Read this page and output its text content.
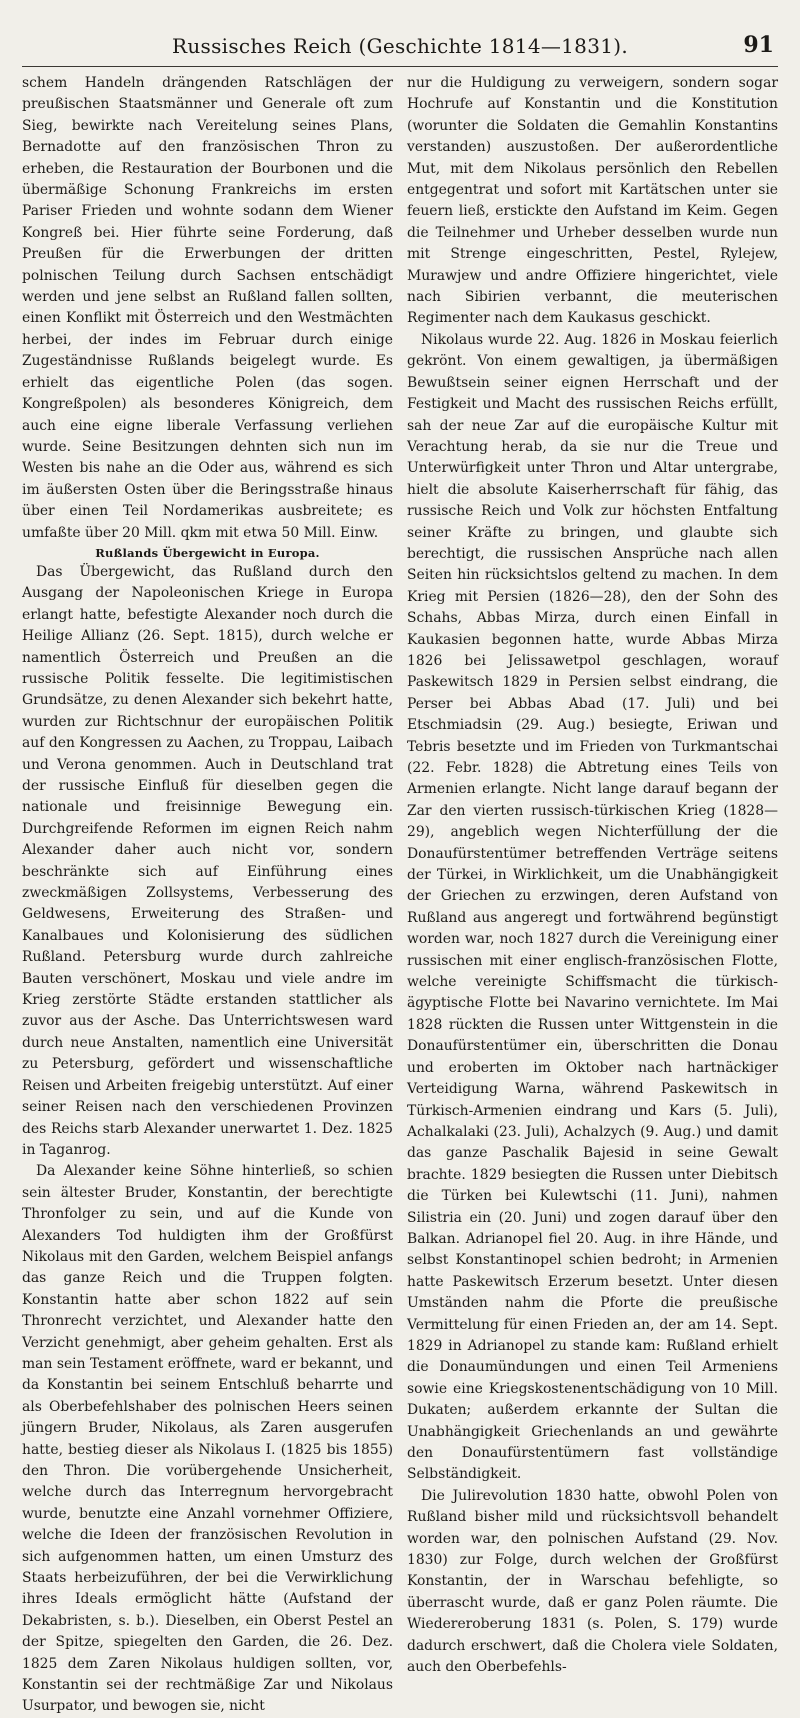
Russisches Reich (Geschichte 1814—1831).	91

schem Handeln drängenden Ratschlägen der preußischen Staatsmänner und Generale oft zum Sieg, bewirkte nach Vereitelung seines Plans, Bernadotte auf den französischen Thron zu erheben, die Restauration der Bourbonen und die übermäßige Schonung Frankreichs im ersten Pariser Frieden und wohnte sodann dem Wiener Kongreß bei. Hier führte seine Forderung, daß Preußen für die Erwerbungen der dritten polnischen Teilung durch Sachsen entschädigt werden und jene selbst an Rußland fallen sollten, einen Konflikt mit Österreich und den Westmächten herbei, der indes im Februar durch einige Zugeständnisse Rußlands beigelegt wurde. Es erhielt das eigentliche Polen (das sogen. Kongreßpolen) als besonderes Königreich, dem auch eine eigne liberale Verfassung verliehen wurde. Seine Besitzungen dehnten sich nun im Westen bis nahe an die Oder aus, während es sich im äußersten Osten über die Beringsstraße hinaus über einen Teil Nordamerikas ausbreitete; es umfaßte über 20 Mill. qkm mit etwa 50 Mill. Einw.

Rußlands Übergewicht in Europa.

Das Übergewicht, das Rußland durch den Ausgang der Napoleonischen Kriege in Europa erlangt hatte, befestigte Alexander noch durch die Heilige Allianz (26. Sept. 1815), durch welche er namentlich Österreich und Preußen an die russische Politik fesselte. Die legitimistischen Grundsätze, zu denen Alexander sich bekehrt hatte, wurden zur Richtschnur der europäischen Politik auf den Kongressen zu Aachen, zu Troppau, Laibach und Verona genommen. Auch in Deutschland trat der russische Einfluß für dieselben gegen die nationale und freisinnige Bewegung ein. Durchgreifende Reformen im eignen Reich nahm Alexander daher auch nicht vor, sondern beschränkte sich auf Einführung eines zweckmäßigen Zollsystems, Verbesserung des Geldwesens, Erweiterung des Straßen- und Kanalbaues und Kolonisierung des südlichen Rußland. Petersburg wurde durch zahlreiche Bauten verschönert, Moskau und viele andre im Krieg zerstörte Städte erstanden stattlicher als zuvor aus der Asche. Das Unterrichtswesen ward durch neue Anstalten, namentlich eine Universität zu Petersburg, gefördert und wissenschaftliche Reisen und Arbeiten freigebig unterstützt. Auf einer seiner Reisen nach den verschiedenen Provinzen des Reichs starb Alexander unerwartet 1. Dez. 1825 in Taganrog.

Da Alexander keine Söhne hinterließ, so schien sein ältester Bruder, Konstantin, der berechtigte Thronfolger zu sein, und auf die Kunde von Alexanders Tod huldigten ihm der Großfürst Nikolaus mit den Garden, welchem Beispiel anfangs das ganze Reich und die Truppen folgten. Konstantin hatte aber schon 1822 auf sein Thronrecht verzichtet, und Alexander hatte den Verzicht genehmigt, aber geheim gehalten. Erst als man sein Testament eröffnete, ward er bekannt, und da Konstantin bei seinem Entschluß beharrte und als Oberbefehlshaber des polnischen Heers seinen jüngern Bruder, Nikolaus, als Zaren ausgerufen hatte, bestieg dieser als Nikolaus I. (1825 bis 1855) den Thron. Die vorübergehende Unsicherheit, welche durch das Interregnum hervorgebracht wurde, benutzte eine Anzahl vornehmer Offiziere, welche die Ideen der französischen Revolution in sich aufgenommen hatten, um einen Umsturz des Staats herbeizuführen, der bei die Verwirklichung ihres Ideals ermöglicht hätte (Aufstand der Dekabristen, s. b.). Dieselben, ein Oberst Pestel an der Spitze, spiegelten den Garden, die 26. Dez. 1825 dem Zaren Nikolaus huldigen sollten, vor, Konstantin sei der rechtmäßige Zar und Nikolaus Usurpator, und bewogen sie, nicht

nur die Huldigung zu verweigern, sondern sogar Hochrufe auf Konstantin und die Konstitution (worunter die Soldaten die Gemahlin Konstantins verstanden) auszustoßen. Der außerordentliche Mut, mit dem Nikolaus persönlich den Rebellen entgegentrat und sofort mit Kartätschen unter sie feuern ließ, erstickte den Aufstand im Keim. Gegen die Teilnehmer und Urheber desselben wurde nun mit Strenge eingeschritten, Pestel, Rylejew, Murawjew und andre Offiziere hingerichtet, viele nach Sibirien verbannt, die meuterischen Regimenter nach dem Kaukasus geschickt.

Nikolaus wurde 22. Aug. 1826 in Moskau feierlich gekrönt. Von einem gewaltigen, ja übermäßigen Bewußtsein seiner eignen Herrschaft und der Festigkeit und Macht des russischen Reichs erfüllt, sah der neue Zar auf die europäische Kultur mit Verachtung herab, da sie nur die Treue und Unterwürfigkeit unter Thron und Altar untergrabe, hielt die absolute Kaiserherrschaft für fähig, das russische Reich und Volk zur höchsten Entfaltung seiner Kräfte zu bringen, und glaubte sich berechtigt, die russischen Ansprüche nach allen Seiten hin rücksichtslos geltend zu machen. In dem Krieg mit Persien (1826—28), den der Sohn des Schahs, Abbas Mirza, durch einen Einfall in Kaukasien begonnen hatte, wurde Abbas Mirza 1826 bei Jelissawetpol geschlagen, worauf Paskewitsch 1829 in Persien selbst eindrang, die Perser bei Abbas Abad (17. Juli) und bei Etschmiadsin (29. Aug.) besiegte, Eriwan und Tebris besetzte und im Frieden von Turkmantschai (22. Febr. 1828) die Abtretung eines Teils von Armenien erlangte. Nicht lange darauf begann der Zar den vierten russisch-türkischen Krieg (1828—29), angeblich wegen Nichterfüllung der die Donaufürstentümer betreffenden Verträge seitens der Türkei, in Wirklichkeit, um die Unabhängigkeit der Griechen zu erzwingen, deren Aufstand von Rußland aus angeregt und fortwährend begünstigt worden war, noch 1827 durch die Vereinigung einer russischen mit einer englisch-französischen Flotte, welche vereinigte Schiffsmacht die türkisch-ägyptische Flotte bei Navarino vernichtete. Im Mai 1828 rückten die Russen unter Wittgenstein in die Donaufürstentümer ein, überschritten die Donau und eroberten im Oktober nach hartnäckiger Verteidigung Warna, während Paskewitsch in Türkisch-Armenien eindrang und Kars (5. Juli), Achalkalaki (23. Juli), Achalzych (9. Aug.) und damit das ganze Paschalik Bajesid in seine Gewalt brachte. 1829 besiegten die Russen unter Diebitsch die Türken bei Kulewtschi (11. Juni), nahmen Silistria ein (20. Juni) und zogen darauf über den Balkan. Adrianopel fiel 20. Aug. in ihre Hände, und selbst Konstantinopel schien bedroht; in Armenien hatte Paskewitsch Erzerum besetzt. Unter diesen Umständen nahm die Pforte die preußische Vermittelung für einen Frieden an, der am 14. Sept. 1829 in Adrianopel zu stande kam: Rußland erhielt die Donaumündungen und einen Teil Armeniens sowie eine Kriegskostenentschädigung von 10 Mill. Dukaten; außerdem erkannte der Sultan die Unabhängigkeit Griechenlands an und gewährte den Donaufürstentümern fast vollständige Selbständigkeit.

Die Julirevolution 1830 hatte, obwohl Polen von Rußland bisher mild und rücksichtsvoll behandelt worden war, den polnischen Aufstand (29. Nov. 1830) zur Folge, durch welchen der Großfürst Konstantin, der in Warschau befehligte, so überrascht wurde, daß er ganz Polen räumte. Die Wiedereroberung 1831 (s. Polen, S. 179) wurde dadurch erschwert, daß die Cholera viele Soldaten, auch den Oberbefehls-
